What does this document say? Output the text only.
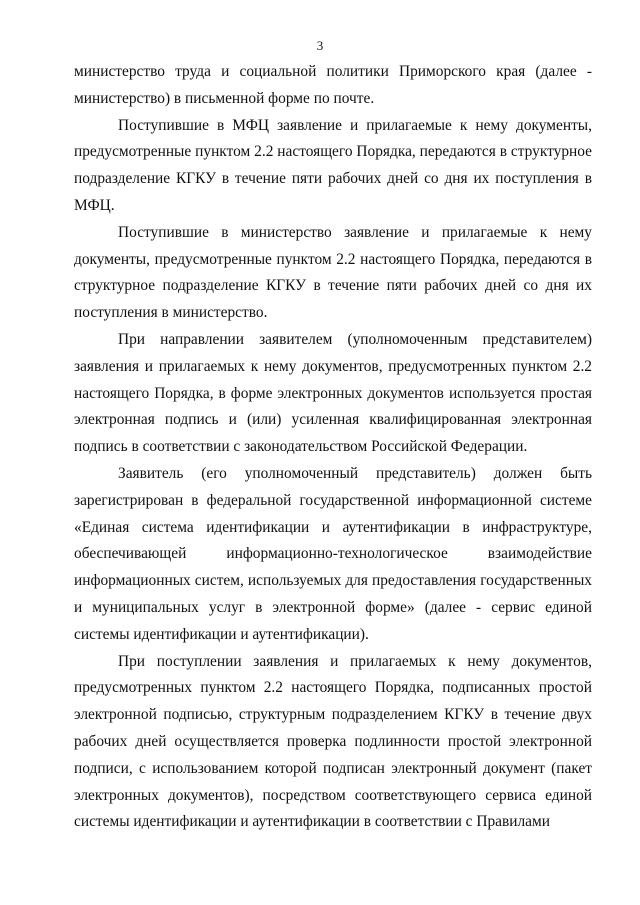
3

министерство труда и социальной политики Приморского края (далее - министерство) в письменной форме по почте.

Поступившие в МФЦ заявление и прилагаемые к нему документы, предусмотренные пунктом 2.2 настоящего Порядка, передаются в структурное подразделение КГКУ в течение пяти рабочих дней со дня их поступления в МФЦ.

Поступившие в министерство заявление и прилагаемые к нему документы, предусмотренные пунктом 2.2 настоящего Порядка, передаются в структурное подразделение КГКУ в течение пяти рабочих дней со дня их поступления в министерство.

При направлении заявителем (уполномоченным представителем) заявления и прилагаемых к нему документов, предусмотренных пунктом 2.2 настоящего Порядка, в форме электронных документов используется простая электронная подпись и (или) усиленная квалифицированная электронная подпись в соответствии с законодательством Российской Федерации.

Заявитель (его уполномоченный представитель) должен быть зарегистрирован в федеральной государственной информационной системе «Единая система идентификации и аутентификации в инфраструктуре, обеспечивающей информационно-технологическое взаимодействие информационных систем, используемых для предоставления государственных и муниципальных услуг в электронной форме» (далее - сервис единой системы идентификации и аутентификации).

При поступлении заявления и прилагаемых к нему документов, предусмотренных пунктом 2.2 настоящего Порядка, подписанных простой электронной подписью, структурным подразделением КГКУ в течение двух рабочих дней осуществляется проверка подлинности простой электронной подписи, с использованием которой подписан электронный документ (пакет электронных документов), посредством соответствующего сервиса единой системы идентификации и аутентификации в соответствии с Правилами
